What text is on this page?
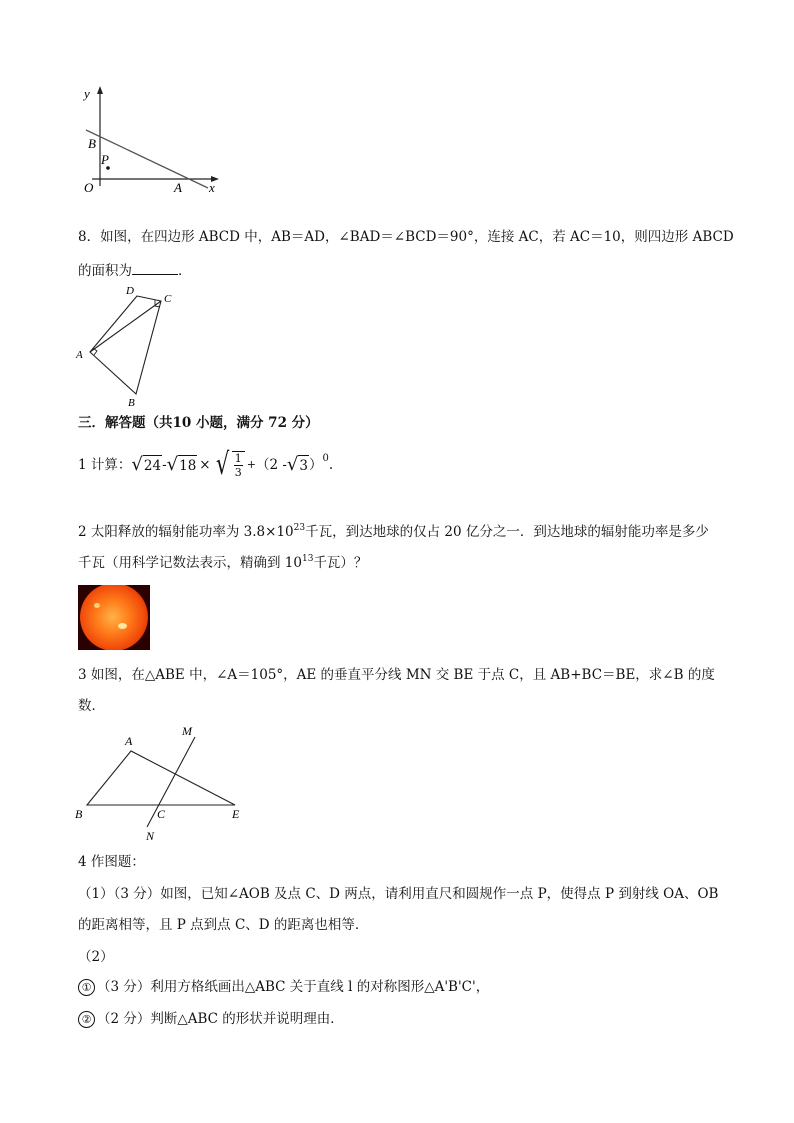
y
B
P
O	A x
8．如图，在四边形 ABCD 中，AB＝AD，∠BAD＝∠BCD＝90°，连接 AC，若 AC＝10，则四边形 ABCD
的面积为	．
D
C
A
B
三．解答题（共10 小题，满分 72 分）
1 计算： √ 24 - √ 18 × √ $\frac{1}{3} + (2$ - √ 3 ） 0 .
2 太阳释放的辐射能功率为 $3.8\times 10^{23}$千瓦，到达地球的仅占 20 亿分之一．到达地球的辐射能功率是多少
千瓦（用科学记数法表示，精确到 $10^{13}$千瓦）？
3 如图，在△ABE 中，∠A＝105°，AE 的垂直平分线 MN 交 BE 于点 C，且 AB+BC＝BE，求∠B 的度
数．
A
M
B	C	E
N
4 作图题：
（1）（3 分）如图，已知∠AOB 及点 C、D 两点，请利用直尺和圆规作一点 P，使得点 P 到射线 OA、OB
的距离相等，且 P 点到点 C、D 的距离也相等．
（2）
① （3 分）利用方格纸画出△ABC 关于直线 l 的对称图形△A'B'C'，
② （2 分）判断△ABC 的形状并说明理由．
